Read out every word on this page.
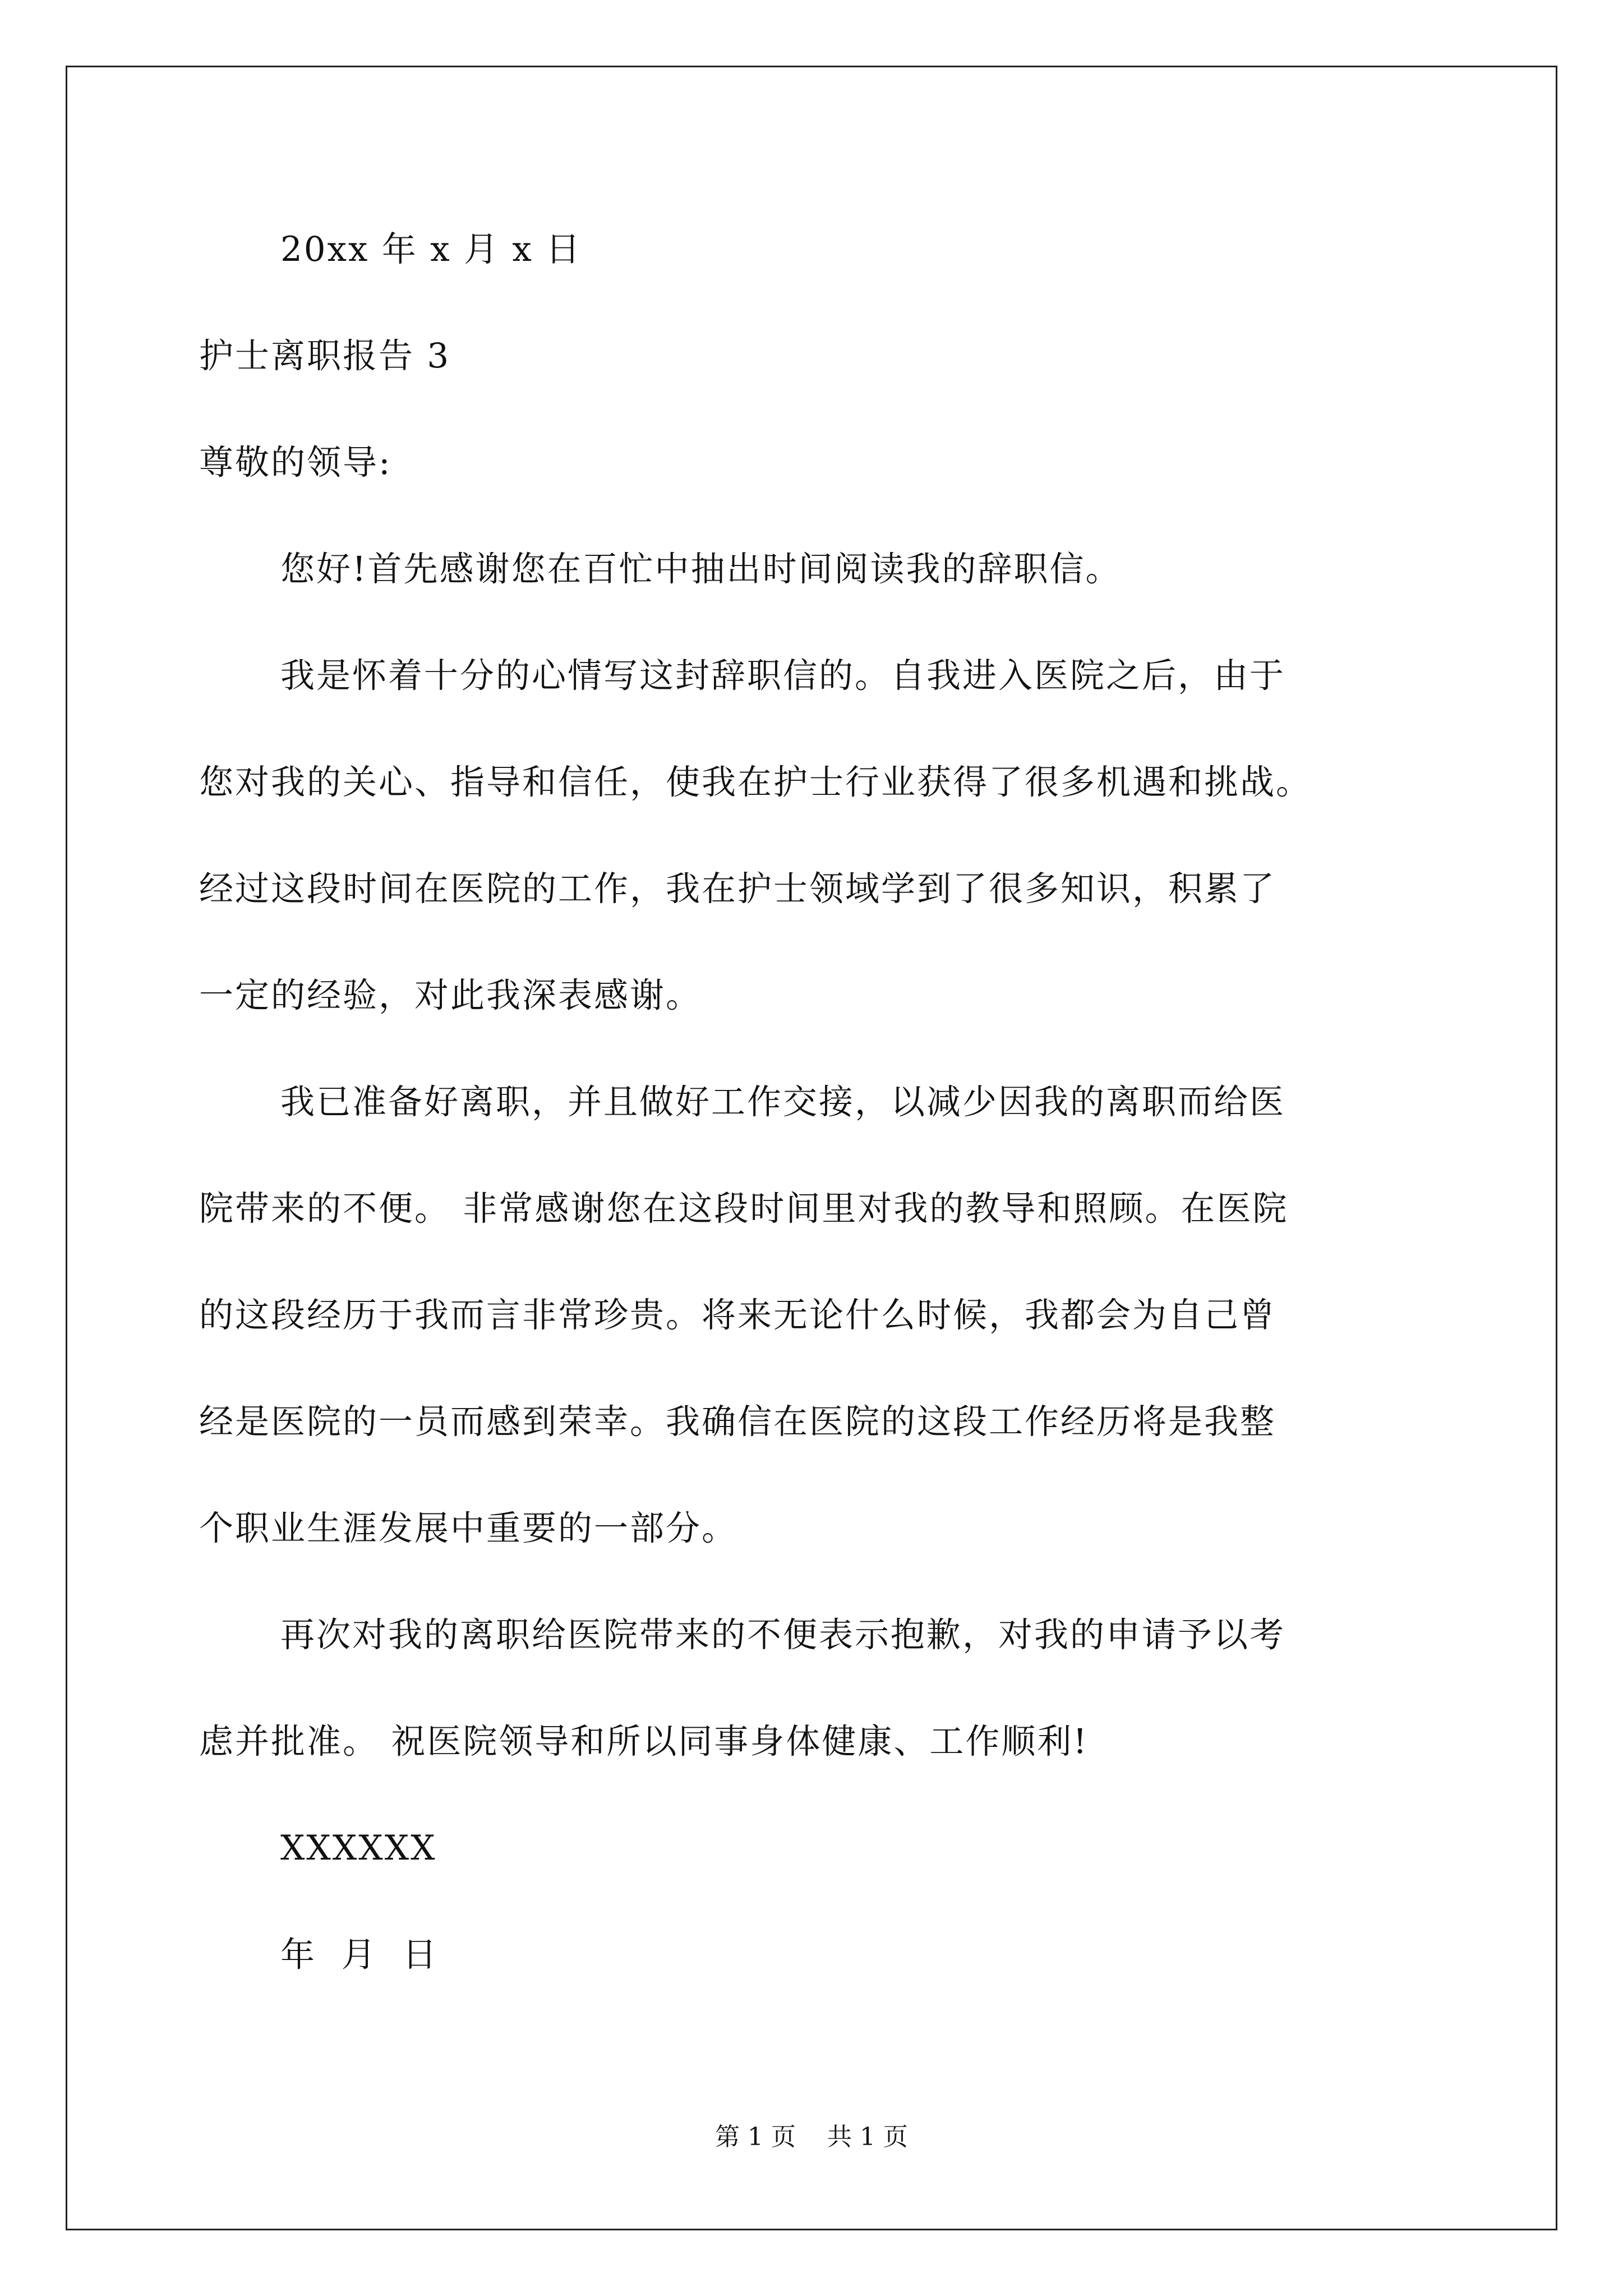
20xx 年 x 月 x 日
护士离职报告 3
尊敬的领导:
您好!首先感谢您在百忙中抽出时间阅读我的辞职信。
我是怀着十分的心情写这封辞职信的。自我进入医院之后，由于
您对我的关心、指导和信任，使我在护士行业获得了很多机遇和挑战。
经过这段时间在医院的工作，我在护士领域学到了很多知识，积累了
一定的经验，对此我深表感谢。
我已准备好离职，并且做好工作交接，以减少因我的离职而给医
院带来的不便。 非常感谢您在这段时间里对我的教导和照顾。在医院
的这段经历于我而言非常珍贵。将来无论什么时候，我都会为自己曾
经是医院的一员而感到荣幸。我确信在医院的这段工作经历将是我整
个职业生涯发展中重要的一部分。
再次对我的离职给医院带来的不便表示抱歉，对我的申请予以考
虑并批准。 祝医院领导和所以同事身体健康、工作顺利!
XXXXXX
年  月  日
第 1 页    共 1 页
